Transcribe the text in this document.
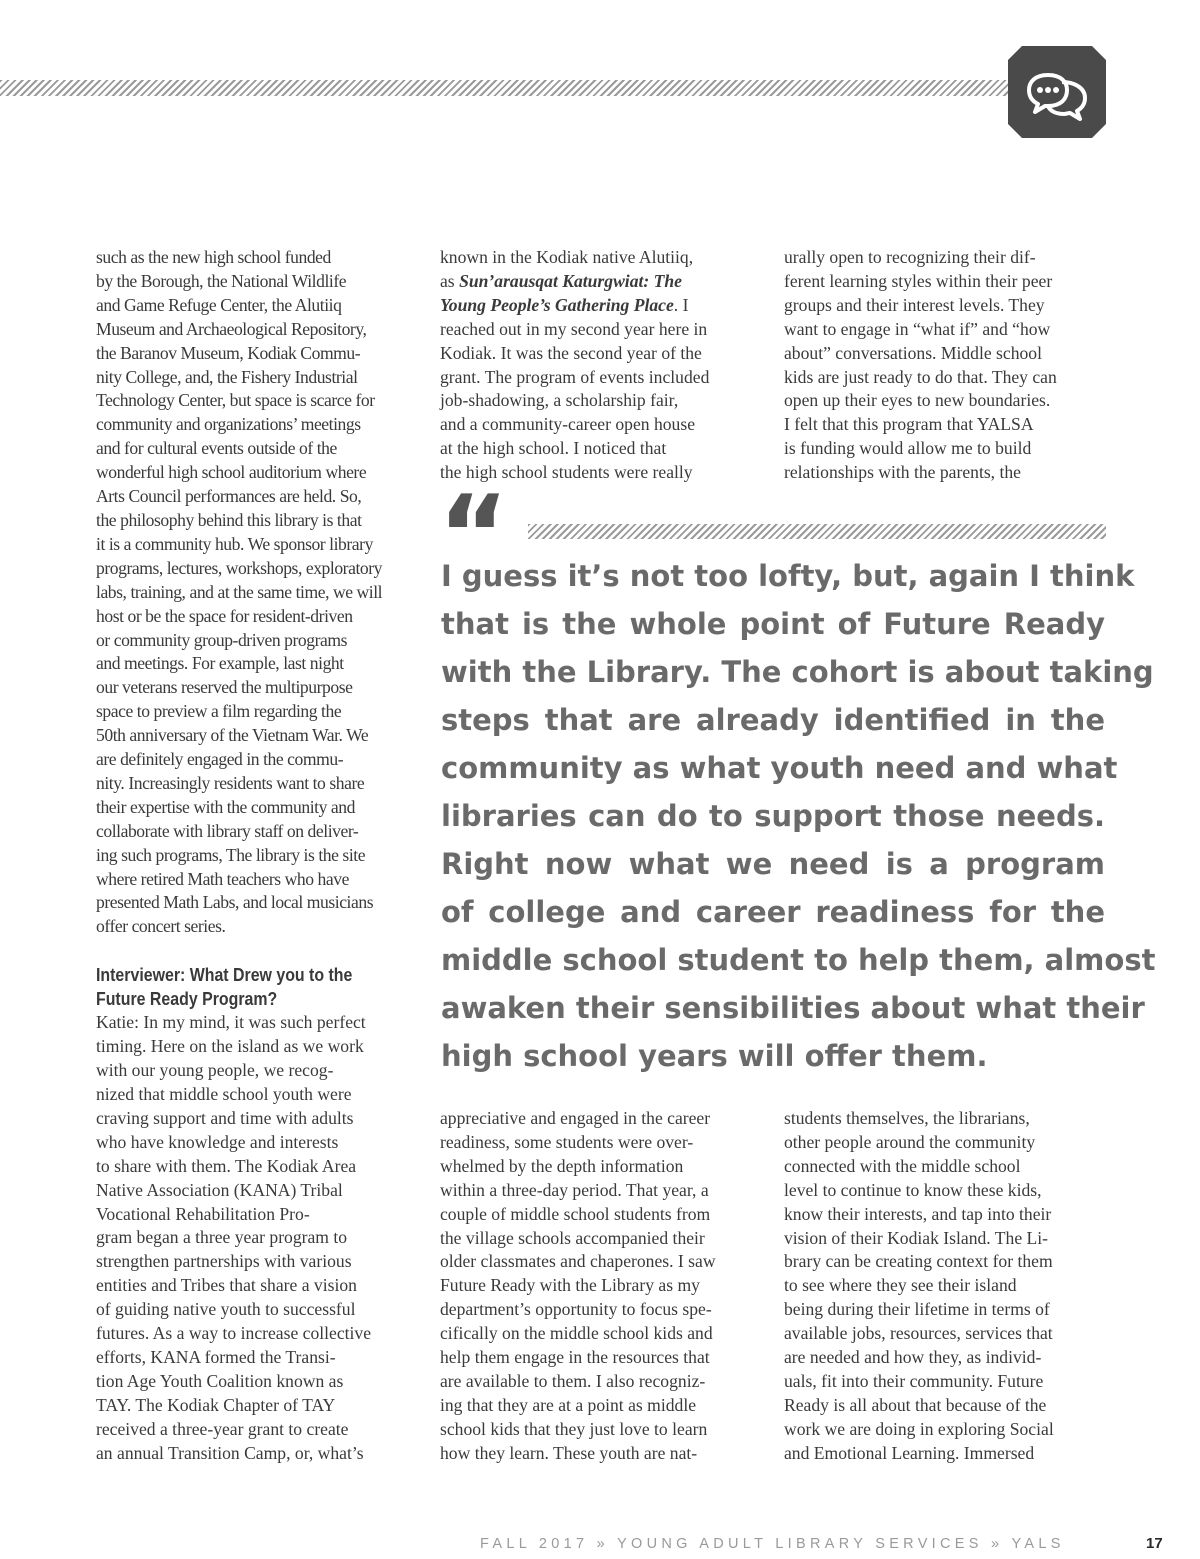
such as the new high school funded

by the Borough, the National Wildlife

and Game Refuge Center, the Alutiiq

Museum and Archaeological Repository,

the Baranov Museum, Kodiak Commu-

nity College, and, the Fishery Industrial

Technology Center, but space is scarce for

community and organizations’ meetings

and for cultural events outside of the

wonderful high school auditorium where

Arts Council performances are held. So,

the philosophy behind this library is that

it is a community hub. We sponsor library

programs, lectures, workshops, exploratory

labs, training, and at the same time, we will

host or be the space for resident-driven

or community group-driven programs

and meetings. For example, last night

our veterans reserved the multipurpose

space to preview a film regarding the

50th anniversary of the Vietnam War. We

are definitely engaged in the commu-

nity. Increasingly residents want to share

their expertise with the community and

collaborate with library staff on deliver-

ing such programs, The library is the site

where retired Math teachers who have

presented Math Labs, and local musicians

offer concert series.

Interviewer: What Drew you to the

Future Ready Program?

Katie: In my mind, it was such perfect

timing. Here on the island as we work

with our young people, we recog-

nized that middle school youth were

craving support and time with adults

who have knowledge and interests

to share with them. The Kodiak Area

Native Association (KANA) Tribal

Vocational Rehabilitation Pro-

gram began a three year program to

strengthen partnerships with various

entities and Tribes that share a vision

of guiding native youth to successful

futures. As a way to increase collective

efforts, KANA formed the Transi-

tion Age Youth Coalition known as

TAY. The Kodiak Chapter of TAY

received a three-year grant to create

an annual Transition Camp, or, what’s

known in the Kodiak native Alutiiq,

as Sun’arausqat Katurgwiat: The

Young People’s Gathering Place. I

reached out in my second year here in

Kodiak. It was the second year of the

grant. The program of events included

job-shadowing, a scholarship fair,

and a community-career open house

at the high school. I noticed that

the high school students were really

urally open to recognizing their dif-

ferent learning styles within their peer

groups and their interest levels. They

want to engage in “what if” and “how

about” conversations. Middle school

kids are just ready to do that. They can

open up their eyes to new boundaries.

I felt that this program that YALSA

is funding would allow me to build

relationships with the parents, the

“

I guess it’s not too lofty, but, again I think

that is the whole point of Future Ready

with the Library. The cohort is about taking

steps that are already identified in the

community as what youth need and what

libraries can do to support those needs.

Right now what we need is a program

of college and career readiness for the

middle school student to help them, almost

awaken their sensibilities about what their

high school years will offer them.

appreciative and engaged in the career

readiness, some students were over-

whelmed by the depth information

within a three-day period. That year, a

couple of middle school students from

the village schools accompanied their

older classmates and chaperones. I saw

Future Ready with the Library as my

department’s opportunity to focus spe-

cifically on the middle school kids and

help them engage in the resources that

are available to them. I also recogniz-

ing that they are at a point as middle

school kids that they just love to learn

how they learn. These youth are nat-

students themselves, the librarians,

other people around the community

connected with the middle school

level to continue to know these kids,

know their interests, and tap into their

vision of their Kodiak Island. The Li-

brary can be creating context for them

to see where they see their island

being during their lifetime in terms of

available jobs, resources, services that

are needed and how they, as individ-

uals, fit into their community. Future

Ready is all about that because of the

work we are doing in exploring Social

and Emotional Learning. Immersed

FALL 2017 » YOUNG ADULT LIBRARY SERVICES » YALS	17
